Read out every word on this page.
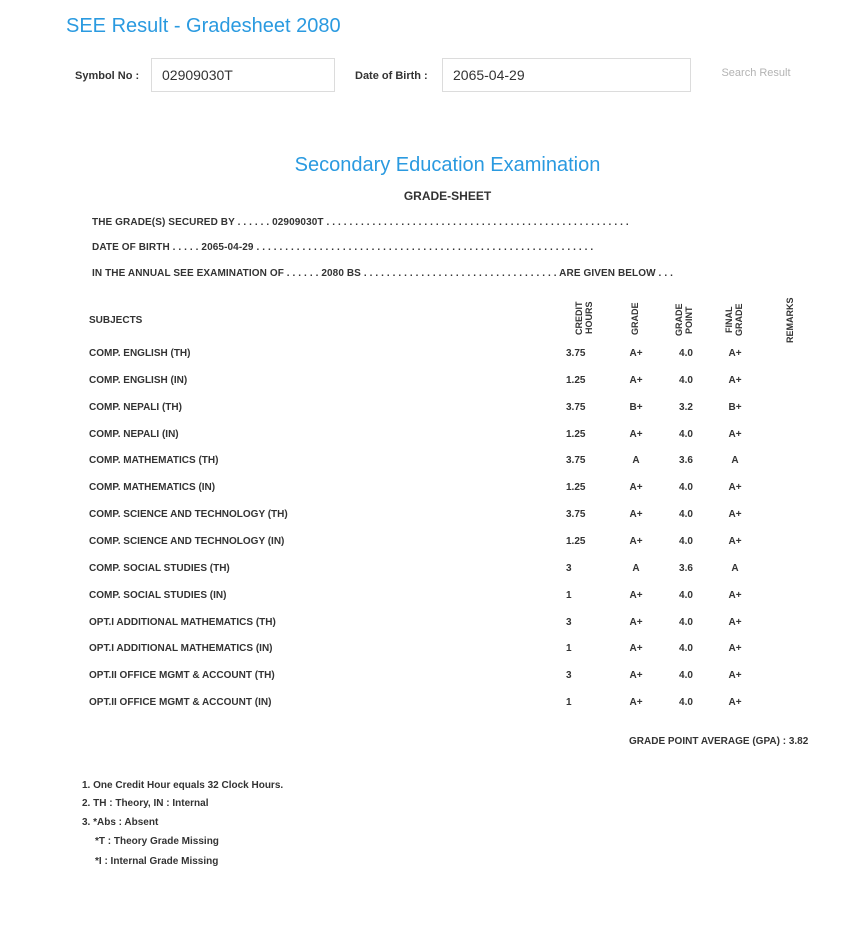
SEE Result - Gradesheet 2080
Symbol No :
02909030T	Date of Birth :
2065-04-29	Search Result
Secondary Education Examination
GRADE-SHEET
THE GRADE(S) SECURED BY . . . . . . 02909030T . . . . . . . . . . . . . . . . . . . . . . . . . . . . . . . . . . . . . . . . . . . . . . . . . . . . .
DATE OF BIRTH . . . . . 2065-04-29 . . . . . . . . . . . . . . . . . . . . . . . . . . . . . . . . . . . . . . . . . . . . . . . . . . . . . . . . . . .
IN THE ANNUAL SEE EXAMINATION OF . . . . . . 2080 BS . . . . . . . . . . . . . . . . . . . . . . . . . . . . . . . . . . ARE GIVEN BELOW . . .
SUBJECTS	CREDIT HOURS	GRADE	GRADE POINT	FINAL GRADE	REMARKS
COMP. ENGLISH (TH)	3.75	A+	4.0	A+
COMP. ENGLISH (IN)	1.25	A+	4.0	A+
COMP. NEPALI (TH)	3.75	B+	3.2	B+
COMP. NEPALI (IN)	1.25	A+	4.0	A+
COMP. MATHEMATICS (TH)	3.75	A	3.6	A
COMP. MATHEMATICS (IN)	1.25	A+	4.0	A+
COMP. SCIENCE AND TECHNOLOGY (TH)	3.75	A+	4.0	A+
COMP. SCIENCE AND TECHNOLOGY (IN)	1.25	A+	4.0	A+
COMP. SOCIAL STUDIES (TH)	3	A	3.6	A
COMP. SOCIAL STUDIES (IN)	1	A+	4.0	A+
OPT.I ADDITIONAL MATHEMATICS (TH)	3	A+	4.0	A+
OPT.I ADDITIONAL MATHEMATICS (IN)	1	A+	4.0	A+
OPT.II OFFICE MGMT & ACCOUNT (TH)	3	A+	4.0	A+
OPT.II OFFICE MGMT & ACCOUNT (IN)	1	A+	4.0	A+
GRADE POINT AVERAGE (GPA) : 3.82
1. One Credit Hour equals 32 Clock Hours.
2. TH : Theory, IN : Internal
3. *Abs : Absent
*T : Theory Grade Missing
*I : Internal Grade Missing
